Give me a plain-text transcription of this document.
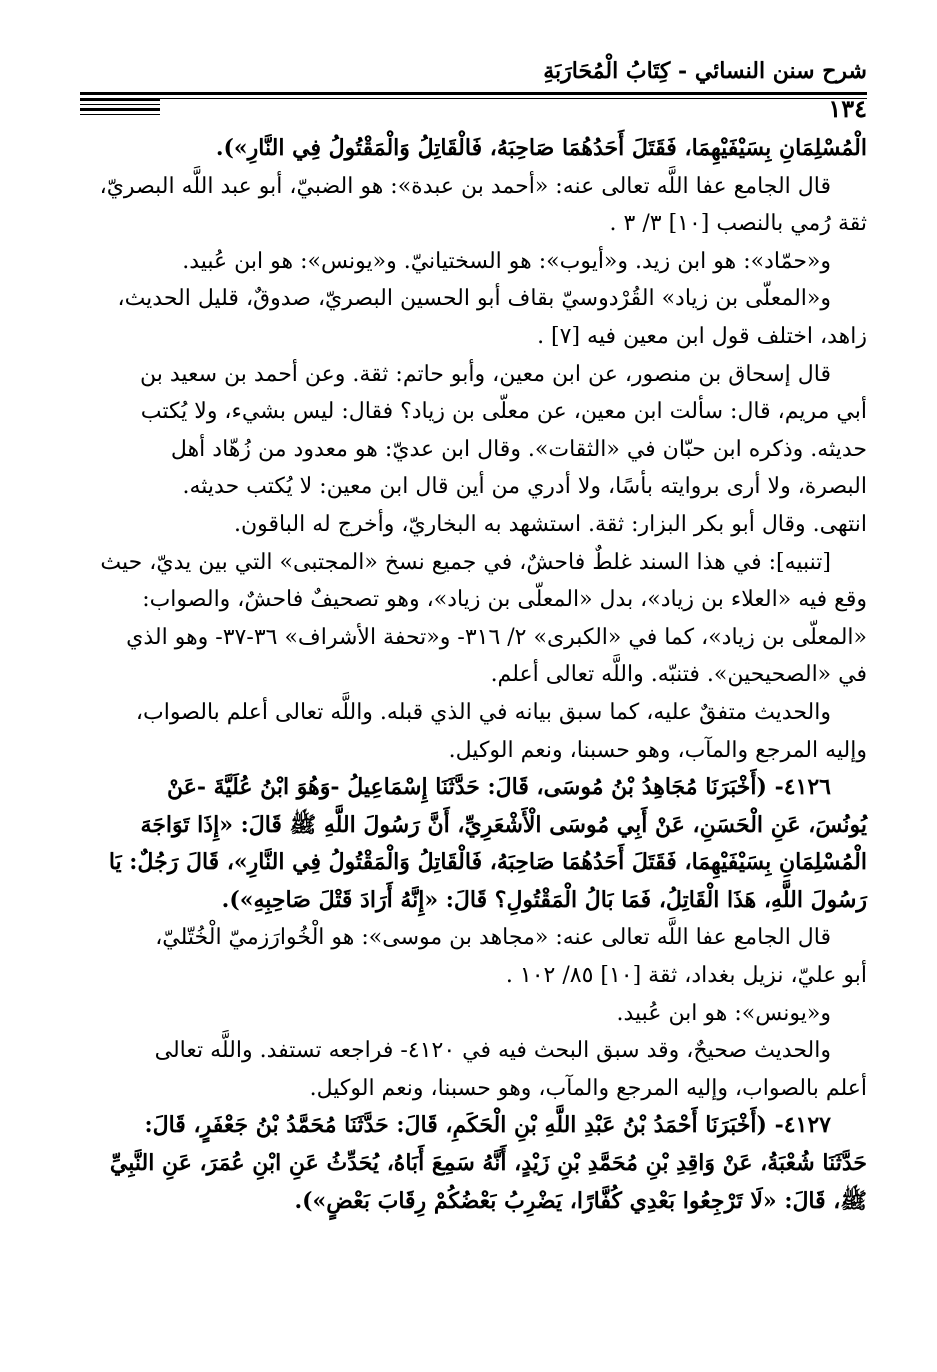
شرح سنن النسائي - كِتَابُ الْمُحَارَبَةِ
١٣٤

الْمُسْلِمَانِ بِسَيْفَيْهِمَا، فَقَتَلَ أَحَدُهُمَا صَاحِبَهُ، فَالْقَاتِلُ وَالْمَقْتُولُ فِي النَّارِ»).

قال الجامع عفا اللَّه تعالى عنه: «أحمد بن عبدة»: هو الضبيّ، أبو عبد اللَّه البصريّ،

ثقة رُمي بالنصب [١٠] ٣/ ٣ .

و«حمّاد»: هو ابن زيد. و«أيوب»: هو السختيانيّ. و«يونس»: هو ابن عُبيد.

و«المعلّى بن زياد» القُرْدوسيّ بقاف أبو الحسين البصريّ، صدوقٌ، قليل الحديث،

زاهد، اختلف قول ابن معين فيه [٧] .

قال إسحاق بن منصور، عن ابن معين، وأبو حاتم: ثقة. وعن أحمد بن سعيد بن

أبي مريم، قال: سألت ابن معين، عن معلّى بن زياد؟ فقال: ليس بشيء، ولا يُكتب

حديثه. وذكره ابن حبّان في «الثقات». وقال ابن عديّ: هو معدود من زُهّاد أهل

البصرة، ولا أرى بروايته بأسًا، ولا أدري من أين قال ابن معين: لا يُكتب حديثه.

انتهى. وقال أبو بكر البزار: ثقة. استشهد به البخاريّ، وأخرج له الباقون.

[تنبيه]: في هذا السند غلطٌ فاحشٌ، في جميع نسخ «المجتبى» التي بين يديّ، حيث

وقع فيه «العلاء بن زياد»، بدل «المعلّى بن زياد»، وهو تصحيفٌ فاحشٌ، والصواب:

«المعلّى بن زياد»، كما في «الكبرى» ٢/ ٣١٦- و«تحفة الأشراف» ٣٦-٣٧- وهو الذي

في «الصحيحين». فتنبّه. واللَّه تعالى أعلم.

والحديث متفقٌ عليه، كما سبق بيانه في الذي قبله. واللَّه تعالى أعلم بالصواب،

وإليه المرجع والمآب، وهو حسبنا، ونعم الوكيل.

٤١٢٦- (أَخْبَرَنَا مُجَاهِدُ بْنُ مُوسَى، قَالَ: حَدَّثَنَا إِسْمَاعِيلُ -وَهُوَ ابْنُ عُلَيَّةَ -عَنْ

يُونُسَ، عَنِ الْحَسَنِ، عَنْ أَبِي مُوسَى الْأَشْعَرِيِّ، أَنَّ رَسُولَ اللَّهِ ﷺ قَالَ: «إِذَا تَوَاجَهَ

الْمُسْلِمَانِ بِسَيْفَيْهِمَا، فَقَتَلَ أَحَدُهُمَا صَاحِبَهُ، فَالْقَاتِلُ وَالْمَقْتُولُ فِي النَّارِ»، قَالَ رَجُلٌ: يَا

رَسُولَ اللَّهِ، هَذَا الْقَاتِلُ، فَمَا بَالُ الْمَقْتُولِ؟ قَالَ: «إِنَّهُ أَرَادَ قَتْلَ صَاحِبِهِ»).

قال الجامع عفا اللَّه تعالى عنه: «مجاهد بن موسى»: هو الْخُوارَزميّ الْخُتّليّ،

أبو عليّ، نزيل بغداد، ثقة [١٠] ٨٥/ ١٠٢ .

و«يونس»: هو ابن عُبيد.

والحديث صحيحٌ، وقد سبق البحث فيه في ٤١٢٠- فراجعه تستفد. واللَّه تعالى

أعلم بالصواب، وإليه المرجع والمآب، وهو حسبنا، ونعم الوكيل.

٤١٢٧- (أَخْبَرَنَا أَحْمَدُ بْنُ عَبْدِ اللَّهِ بْنِ الْحَكَمِ، قَالَ: حَدَّثَنَا مُحَمَّدُ بْنُ جَعْفَرٍ، قَالَ:

حَدَّثَنَا شُعْبَةُ، عَنْ وَاقِدِ بْنِ مُحَمَّدِ بْنِ زَيْدٍ، أَنَّهُ سَمِعَ أَبَاهُ، يُحَدِّثُ عَنِ ابْنِ عُمَرَ، عَنِ النَّبِيِّ

ﷺ، قَالَ: «لَا تَرْجِعُوا بَعْدِي كُفَّارًا، يَضْرِبُ بَعْضُكُمْ رِقَابَ بَعْضٍ»).
